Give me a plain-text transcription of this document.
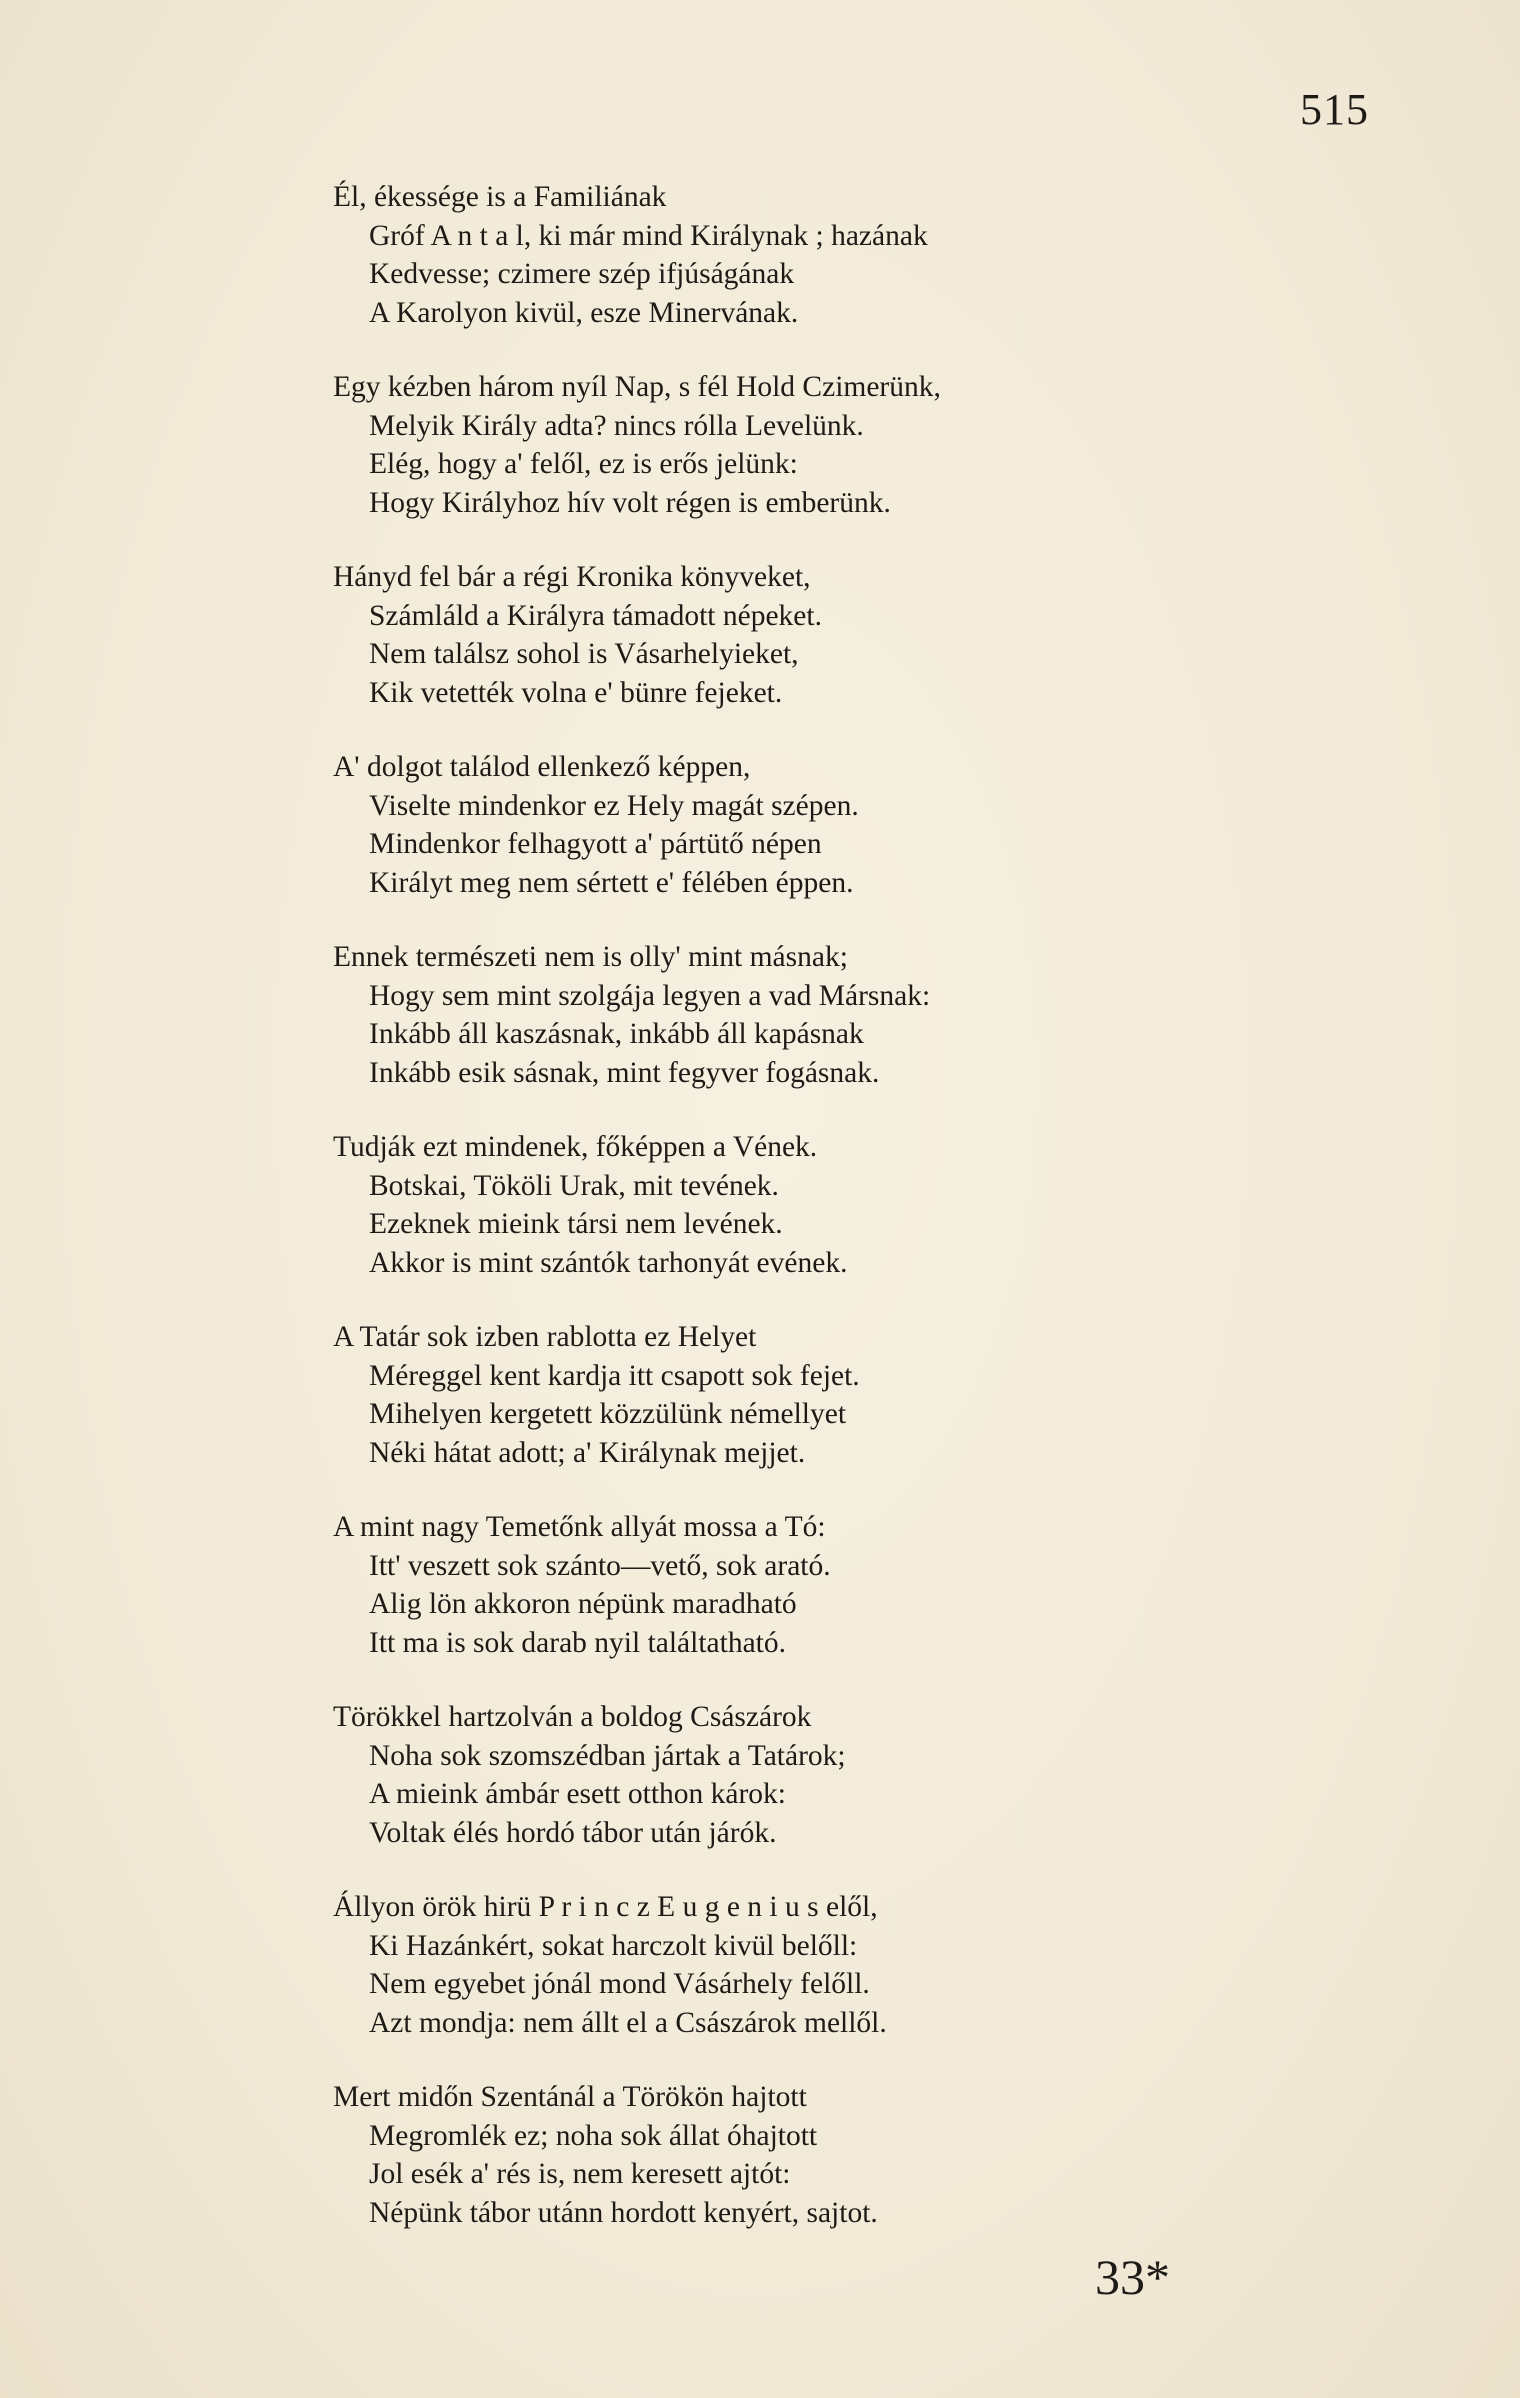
515
Él, ékessége is a Familiának
Gróf A n t a l, ki már mind Királynak ; hazának
Kedvesse; czimere szép ifjúságának
A Karolyon kivül, esze Minervának.
Egy kézben három nyíl Nap, s fél Hold Czimerünk,
Melyik Király adta? nincs rólla Levelünk.
Elég, hogy a' felől, ez is erős jelünk:
Hogy Királyhoz hív volt régen is emberünk.
Hányd fel bár a régi Kronika könyveket,
Számláld a Királyra támadott népeket.
Nem találsz sohol is Vásarhelyieket,
Kik vetették volna e' bünre fejeket.
A' dolgot találod ellenkező képpen,
Viselte mindenkor ez Hely magát szépen.
Mindenkor felhagyott a' pártütő népen
Királyt meg nem sértett e' félében éppen.
Ennek természeti nem is olly' mint másnak;
Hogy sem mint szolgája legyen a vad Mársnak:
Inkább áll kaszásnak, inkább áll kapásnak
Inkább esik sásnak, mint fegyver fogásnak.
Tudják ezt mindenek, főképpen a Vének.
Botskai, Tököli Urak, mit tevének.
Ezeknek mieink társi nem levének.
Akkor is mint szántók tarhonyát evének.
A Tatár sok izben rablotta ez Helyet
Méreggel kent kardja itt csapott sok fejet.
Mihelyen kergetett közzülünk némellyet
Néki hátat adott; a' Királynak mejjet.
A mint nagy Temetőnk allyát mossa a Tó:
Itt' veszett sok szánto—vető, sok arató.
Alig lön akkoron népünk maradható
Itt ma is sok darab nyil találtatható.
Törökkel hartzolván a boldog Császárok
Noha sok szomszédban jártak a Tatárok;
A mieink ámbár esett otthon károk:
Voltak élés hordó tábor után járók.
Állyon örök hirü P r i n c z E u g e n i u s elől,
Ki Hazánkért, sokat harczolt kivül belőll:
Nem egyebet jónál mond Vásárhely felőll.
Azt mondja: nem állt el a Császárok mellől.
Mert midőn Szentánál a Törökön hajtott
Megromlék ez; noha sok állat óhajtott
Jol esék a' rés is, nem keresett ajtót:
Népünk tábor utánn hordott kenyért, sajtot.
33*
